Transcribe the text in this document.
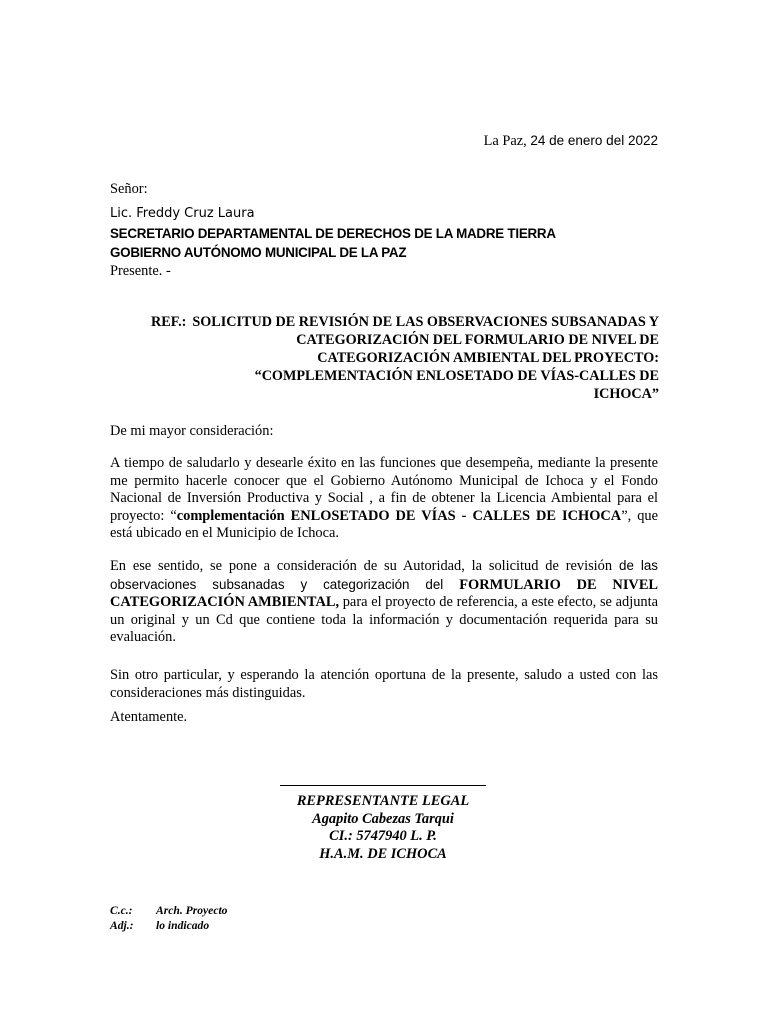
La Paz, 24 de enero del 2022
Señor:
Lic. Freddy Cruz Laura
SECRETARIO DEPARTAMENTAL DE DERECHOS DE LA MADRE TIERRA
GOBIERNO AUTÓNOMO MUNICIPAL DE LA PAZ
Presente. -
REF.: SOLICITUD DE REVISIÓN DE LAS OBSERVACIONES SUBSANADAS Y
CATEGORIZACIÓN DEL FORMULARIO DE NIVEL DE
CATEGORIZACIÓN AMBIENTAL DEL PROYECTO:
“COMPLEMENTACIÓN ENLOSETADO DE VÍAS-CALLES DE
ICHOCA”
De mi mayor consideración:
A tiempo de saludarlo y desearle éxito en las funciones que desempeña, mediante la presente me permito hacerle conocer que el Gobierno Autónomo Municipal de Ichoca y el Fondo Nacional de Inversión Productiva y Social , a fin de obtener la Licencia Ambiental para el proyecto: “complementación ENLOSETADO DE VÍAS - CALLES DE ICHOCA”, que está ubicado en el Municipio de Ichoca.
En ese sentido, se pone a consideración de su Autoridad, la solicitud de revisión de las observaciones subsanadas y categorización del FORMULARIO DE NIVEL CATEGORIZACIÓN AMBIENTAL, para el proyecto de referencia, a este efecto, se adjunta un original y un Cd que contiene toda la información y documentación requerida para su evaluación.
Sin otro particular, y esperando la atención oportuna de la presente, saludo a usted con las consideraciones más distinguidas.
Atentamente.
REPRESENTANTE LEGAL
Agapito Cabezas Tarqui
CI.: 5747940 L. P.
H.A.M. DE ICHOCA
C.c.:	Arch. Proyecto
Adj.:	lo indicado
